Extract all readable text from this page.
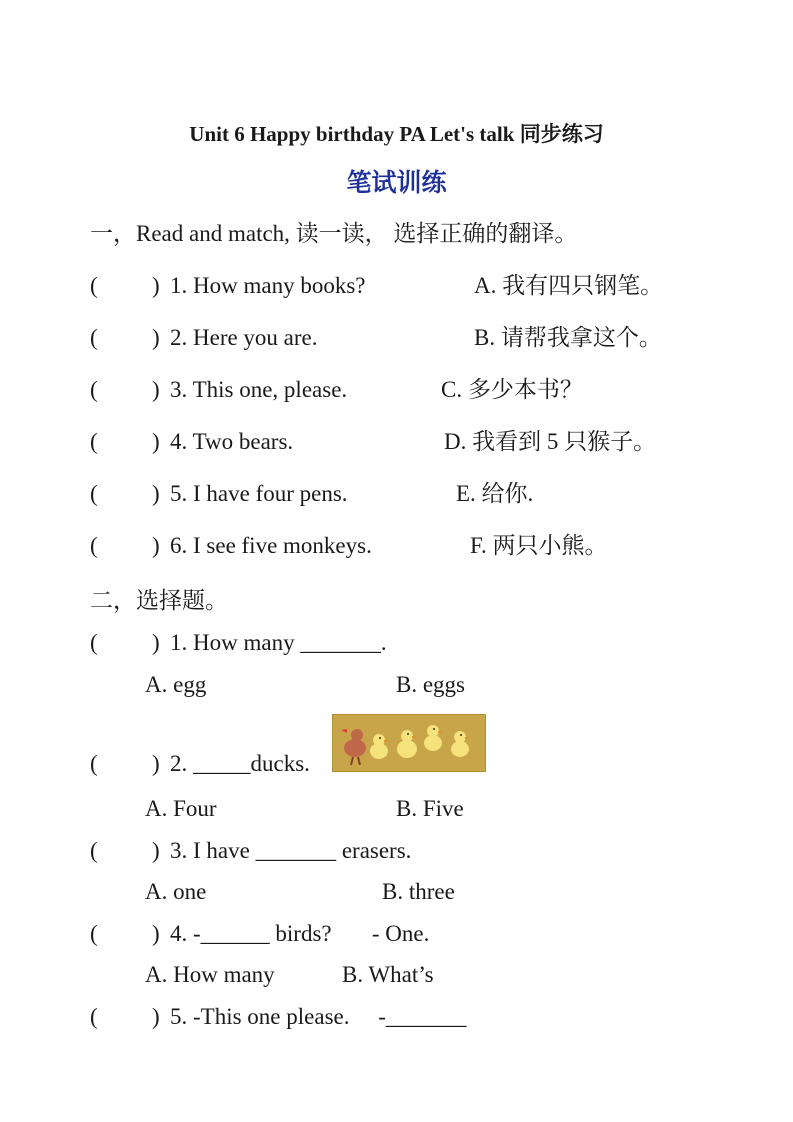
Unit 6 Happy birthday PA Let's talk 同步练习
笔试训练
一，Read and match, 读一读， 选择正确的翻译。
( ) 1. How many books?	A. 我有四只钢笔。
( ) 2. Here you are.	B. 请帮我拿这个。
( ) 3. This one, please.	C. 多少本书？
( ) 4. Two bears.	D. 我看到 5 只猴子。
( ) 5. I have four pens.	E. 给你.
( ) 6. I see five monkeys.	F. 两只小熊。
二，选择题。
( ) 1. How many _______.
A. egg	B. eggs
( ) 2. _____ducks.
A. Four	B. Five
( ) 3. I have _______ erasers.
A. one	B. three
( ) 4. -______ birds?       - One.
A. How many	B. What’s
( ) 5. -This one please.     -_______
